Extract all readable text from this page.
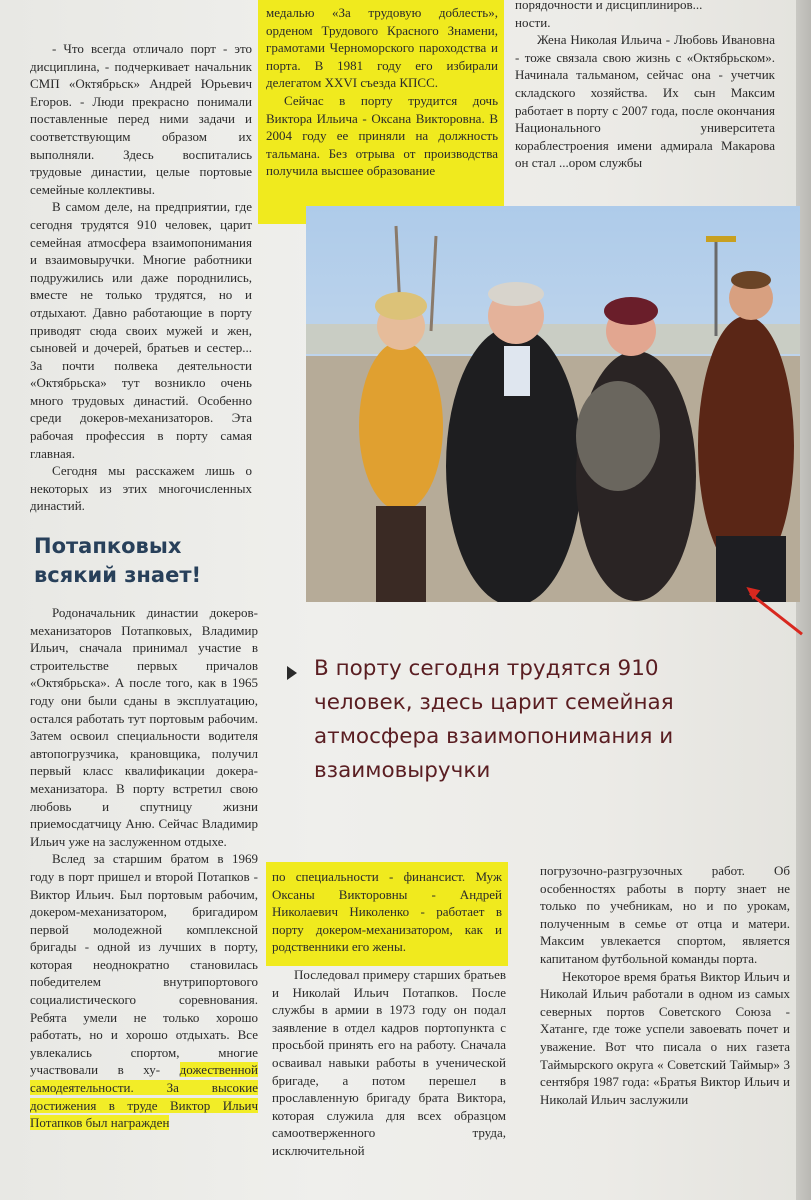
- Что всегда отличало порт - это дисциплина, - подчеркивает начальник СМП «Октябрьск» Андрей Юрьевич Егоров. - Люди прекрасно понимали поставленные перед ними задачи и соответствующим образом их выполняли. Здесь воспитались трудовые династии, целые портовые семейные коллективы.

В самом деле, на предприятии, где сегодня трудятся 910 человек, царит семейная атмосфера взаимопонимания и взаимовыручки. Многие работники подружились или даже породнились, вместе не только трудятся, но и отдыхают. Давно работающие в порту приводят сюда своих мужей и жен, сыновей и дочерей, братьев и сестер... За почти полвека деятельности «Октябрьска» тут возникло очень много трудовых династий. Особенно среди докеров-механизаторов. Эта рабочая профессия в порту самая главная.

Сегодня мы расскажем лишь о некоторых из этих многочисленных династий.

медалью «За трудовую доблесть», орденом Трудового Красного Знамени, грамотами Черноморского пароходства и порта. В 1981 году его избирали делегатом XXVI съезда КПСС.

Сейчас в порту трудится дочь Виктора Ильича - Оксана Викторовна. В 2004 году ее приняли на должность тальмана. Без отрыва от производства получила высшее образование

порядочности и дисциплиниров...

ности.

Жена Николая Ильича - Любовь Ивановна - тоже связала свою жизнь с «Октябрьском». Начинала тальманом, сейчас она - учетчик складского хозяйства. Их сын Максим работает в порту с 2007 года, после окончания Национального университета кораблестроения имени адмирала Макарова он стал ...ором службы

Потапковых
всякий знает!
В порту сегодня трудятся 910 человек, здесь царит семейная атмосфера взаимопонимания и взаимовыручки

Родоначальник династии докеров-механизаторов Потапковых, Владимир Ильич, сначала принимал участие в строительстве первых причалов «Октябрьска». А после того, как в 1965 году они были сданы в эксплуатацию, остался работать тут портовым рабочим. Затем освоил специальности водителя автопогрузчика, крановщика, получил первый класс квалификации докера-механизатора. В порту встретил свою любовь и спутницу жизни приемосдатчицу Аню. Сейчас Владимир Ильич уже на заслуженном отдыхе.

Вслед за старшим братом в 1969 году в порт пришел и второй Потапков - Виктор Ильич. Был портовым рабочим, докером-механизатором, бригадиром первой молодежной комплексной бригады - одной из лучших в порту, которая неоднократно становилась победителем внутрипортового социалистического соревнования. Ребята умели не только хорошо работать, но и хорошо отдыхать. Все увлекались спортом, многие участвовали в ху- дожественной самодеятельности. За высокие достижения в труде Виктор Ильич Потапков был награжден

по специальности - финансист. Муж Оксаны Викторовны - Андрей Николаевич Николенко - работает в порту докером-механизатором, как и родственники его жены.

Последовал примеру старших братьев и Николай Ильич Потапков. После службы в армии в 1973 году он подал заявление в отдел кадров портопункта с просьбой принять его на работу. Сначала осваивал навыки работы в ученической бригаде, а потом перешел в прославленную бригаду брата Виктора, которая служила для всех образцом самоотверженного труда, исключительной

погрузочно-разгрузочных работ. Об особенностях работы в порту знает не только по учебникам, но и по урокам, полученным в семье от отца и матери. Максим увлекается спортом, является капитаном футбольной команды порта.

Некоторое время братья Виктор Ильич и Николай Ильич работали в одном из самых северных портов Советского Союза - Хатанге, где тоже успели завоевать почет и уважение. Вот что писала о них газета Таймырского округа « Советский Таймыр» 3 сентября 1987 года: «Братья Виктор Ильич и Николай Ильич заслужили
